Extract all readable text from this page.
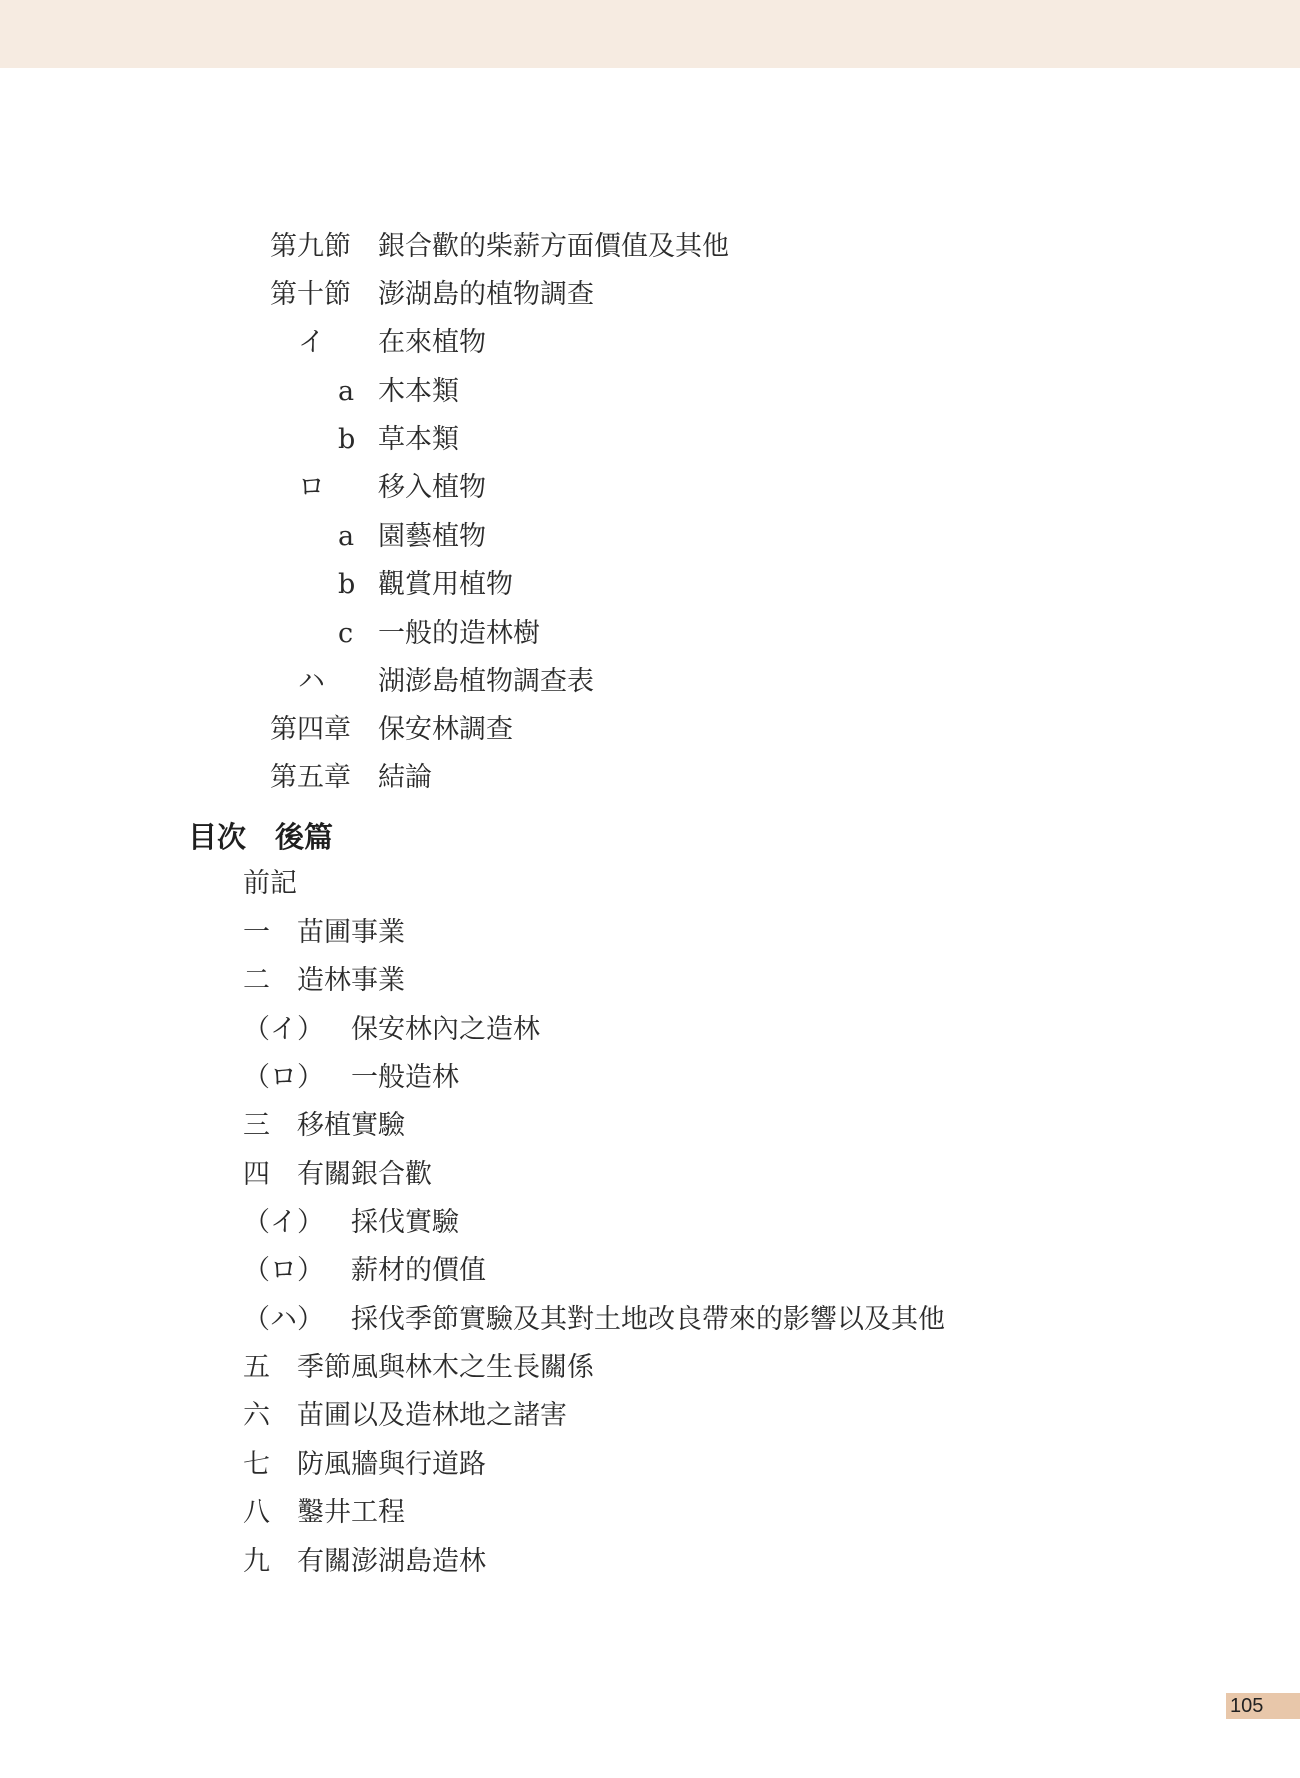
第九節 銀合歡的柴薪方面價值及其他
第十節 澎湖島的植物調查
イ 在來植物
a 木本類
b 草本類
ロ 移入植物
a 園藝植物
b 觀賞用植物
c 一般的造林樹
ハ 湖澎島植物調查表
第四章 保安林調查
第五章 結論
目次　後篇
前記
一 苗圃事業
二 造林事業
（イ） 保安林內之造林
（ロ） 一般造林
三 移植實驗
四 有關銀合歡
（イ） 採伐實驗
（ロ） 薪材的價值
（ハ） 採伐季節實驗及其對土地改良帶來的影響以及其他
五 季節風與林木之生長關係
六 苗圃以及造林地之諸害
七 防風牆與行道路
八 鑿井工程
九 有關澎湖島造林
105
